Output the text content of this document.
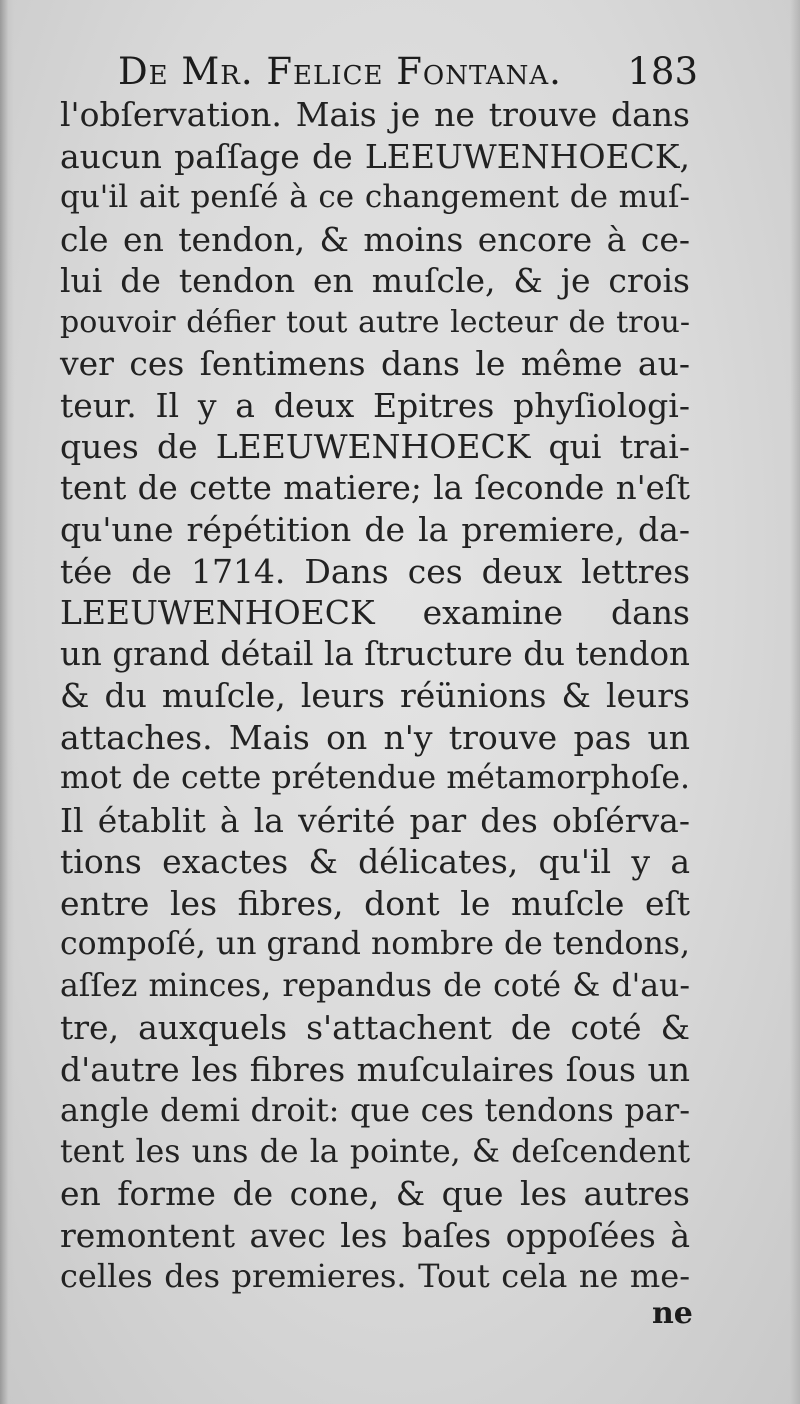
De Mr. Felice Fontana. 183
l'obſervation. Mais je ne trouve dans
aucun paſſage de LEEUWENHOECK,
qu'il ait penſé à ce changement de muſ-
cle en tendon, & moins encore à ce-
lui de tendon en muſcle, & je crois
pouvoir défier tout autre lecteur de trou-
ver ces ſentimens dans le même au-
teur. Il y a deux Epitres phyſiologi-
ques de LEEUWENHOECK qui trai-
tent de cette matiere; la ſeconde n'eſt
qu'une répétition de la premiere, da-
tée de 1714. Dans ces deux lettres
LEEUWENHOECK examine dans
un grand détail la ſtructure du tendon
& du muſcle, leurs réünions & leurs
attaches. Mais on n'y trouve pas un
mot de cette prétendue métamorphoſe.
Il établit à la vérité par des obſérva-
tions exactes & délicates, qu'il y a
entre les fibres, dont le muſcle eſt
compoſé, un grand nombre de tendons,
aſſez minces, repandus de coté & d'au-
tre, auxquels s'attachent de coté &
d'autre les fibres muſculaires ſous un
angle demi droit: que ces tendons par-
tent les uns de la pointe, & deſcendent
en forme de cone, & que les autres
remontent avec les baſes oppoſées à
celles des premieres. Tout cela ne me-
ne
